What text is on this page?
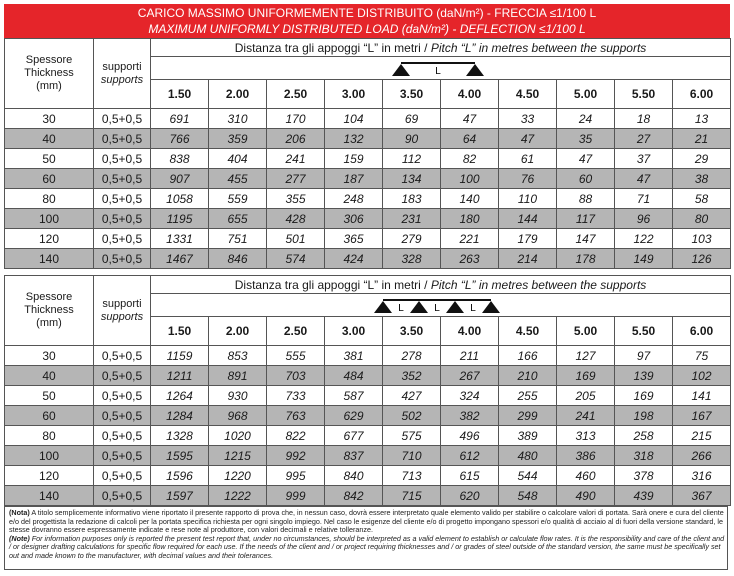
CARICO MASSIMO UNIFORMEMENTE DISTRIBUITO (daN/m²) - FRECCIA ≤1/100 L
MAXIMUM UNIFORMLY DISTRIBUTED LOAD (daN/m²) - DEFLECTION ≤1/100 L
Spessore
Thickness
(mm)	supporti
supports	Distanza tra gli appoggi “L” in metri / Pitch “L” in metres between the supports									

L									

		1.50	2.00	2.50	3.00	3.50	4.00	4.50	5.00	5.50	6.00
30	0,5+0,5	691	310	170	104	69	47	33	24	18	13
40	0,5+0,5	766	359	206	132	90	64	47	35	27	21
50	0,5+0,5	838	404	241	159	112	82	61	47	37	29
60	0,5+0,5	907	455	277	187	134	100	76	60	47	38
80	0,5+0,5	1058	559	355	248	183	140	110	88	71	58
100	0,5+0,5	1195	655	428	306	231	180	144	117	96	80
120	0,5+0,5	1331	751	501	365	279	221	179	147	122	103
140	0,5+0,5	1467	846	574	424	328	263	214	178	149	126
Spessore
Thickness
(mm)	supporti
supports	Distanza tra gli appoggi “L” in metri / Pitch “L” in metres between the supports									

L L L									

		1.50	2.00	2.50	3.00	3.50	4.00	4.50	5.00	5.50	6.00
30	0,5+0,5	1159	853	555	381	278	211	166	127	97	75
40	0,5+0,5	1211	891	703	484	352	267	210	169	139	102
50	0,5+0,5	1264	930	733	587	427	324	255	205	169	141
60	0,5+0,5	1284	968	763	629	502	382	299	241	198	167
80	0,5+0,5	1328	1020	822	677	575	496	389	313	258	215
100	0,5+0,5	1595	1215	992	837	710	612	480	386	318	266
120	0,5+0,5	1596	1220	995	840	713	615	544	460	378	316
140	0,5+0,5	1597	1222	999	842	715	620	548	490	439	367
(Nota) A titolo semplicemente informativo viene riportato il presente rapporto di prova che, in nessun caso, dovrà essere interpretato quale elemento valido per stabilire o calcolare valori di portata. Sarà onere e cura del cliente e/o del progettista la redazione di calcoli per la portata specifica richiesta per ogni singolo impiego. Nel caso le esigenze del cliente e/o di progetto impongano spessori e/o qualità di acciaio al di fuori della versione standard, le stesse dovranno essere espressamente indicate e rese note al produttore, con valori decimali e relative tolleranze.
(Note) For information purposes only is reported the present test report that, under no circumstances, should be interpreted as a valid element to establish or calculate flow rates. It is the responsibility and care of the client and / or designer drafting calculations for specific flow required for each use. If the needs of the client and / or project requiring thicknesses and / or grades of steel outside of the standard version, the same must be specifically set out and made known to the manufacturer, with decimal values and their tolerances.
